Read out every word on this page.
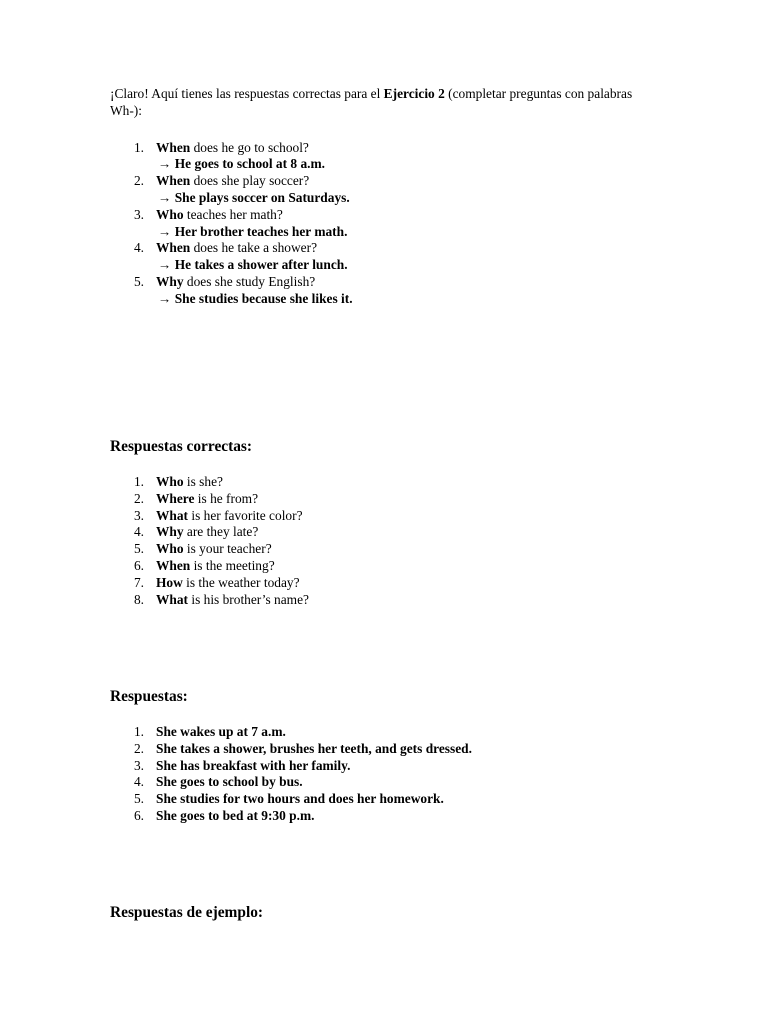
¡Claro! Aquí tienes las respuestas correctas para el Ejercicio 2 (completar preguntas con palabras Wh-):

1. When does he go to school?
→ He goes to school at 8 a.m.
2. When does she play soccer?
→ She plays soccer on Saturdays.
3. Who teaches her math?
→ Her brother teaches her math.
4. When does he take a shower?
→ He takes a shower after lunch.
5. Why does she study English?
→ She studies because she likes it.
Respuestas correctas:
1. Who is she?
2. Where is he from?
3. What is her favorite color?
4. Why are they late?
5. Who is your teacher?
6. When is the meeting?
7. How is the weather today?
8. What is his brother’s name?
Respuestas:
1. She wakes up at 7 a.m.
2. She takes a shower, brushes her teeth, and gets dressed.
3. She has breakfast with her family.
4. She goes to school by bus.
5. She studies for two hours and does her homework.
6. She goes to bed at 9:30 p.m.
Respuestas de ejemplo:
